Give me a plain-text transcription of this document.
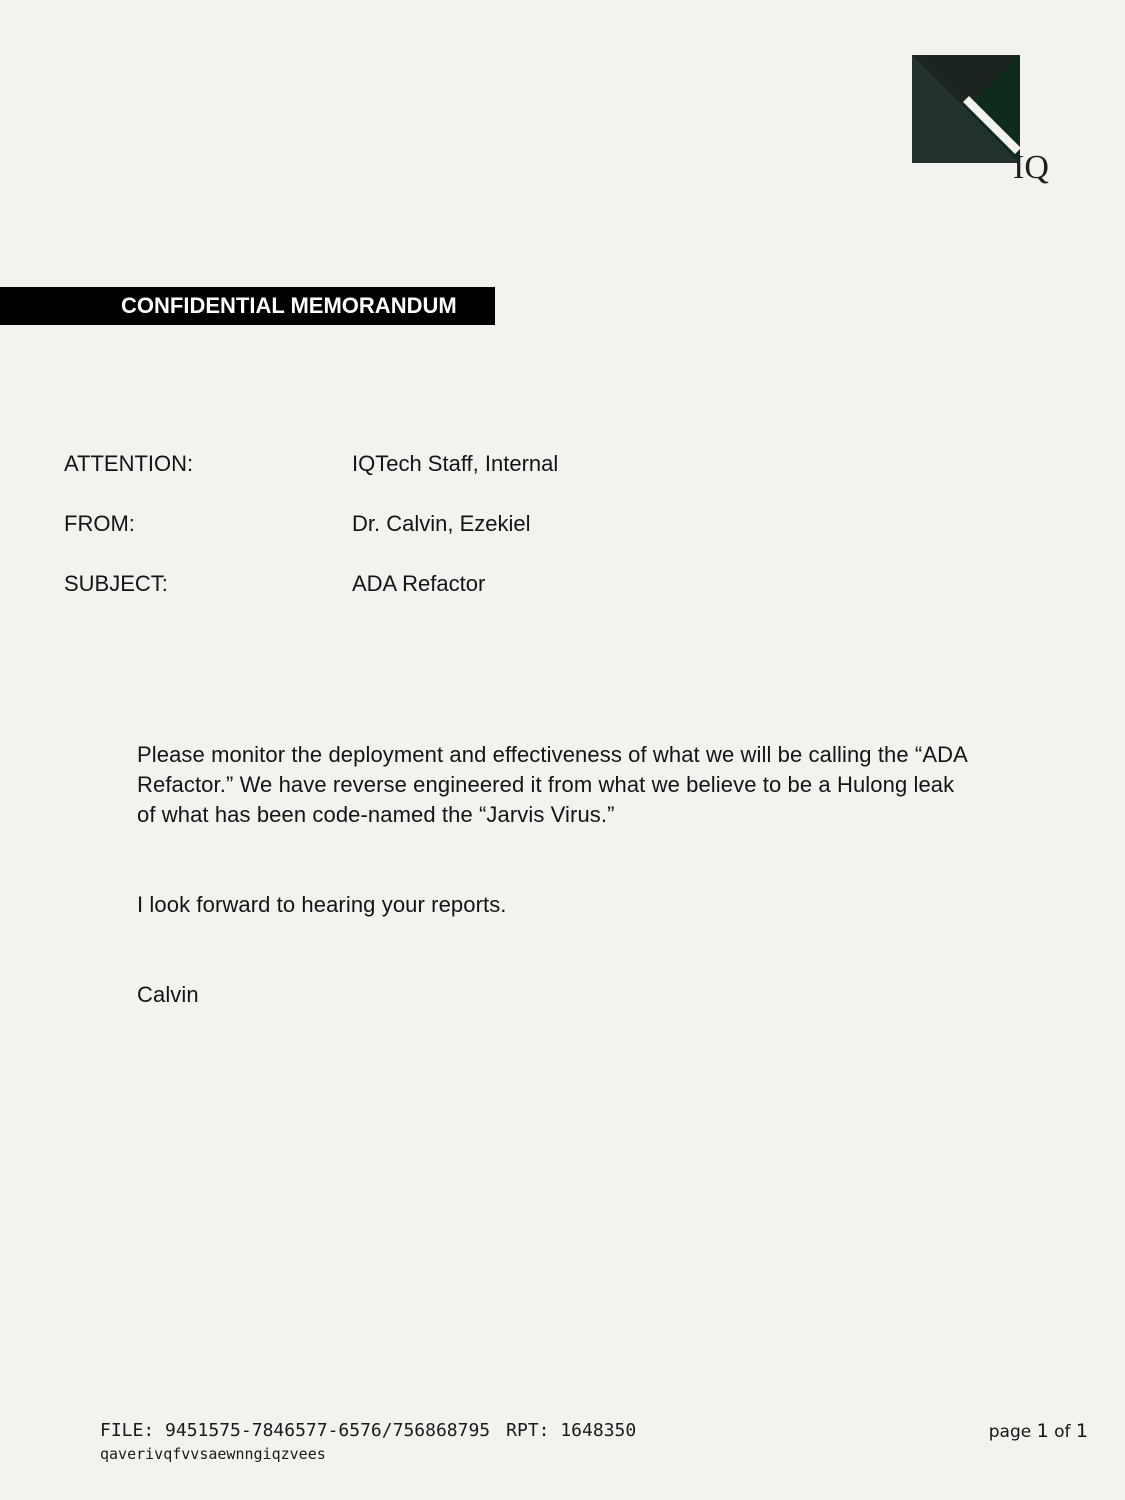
IQ
CONFIDENTIAL MEMORANDUM
ATTENTION:	IQTech Staff, Internal
FROM:	Dr. Calvin, Ezekiel
SUBJECT:	ADA Refactor
Please monitor the deployment and effectiveness of what we will be calling the “ADA Refactor.” We have reverse engineered it from what we believe to be a Hulong leak of what has been code-named the “Jarvis Virus.”
I look forward to hearing your reports.
Calvin
FILE: 9451575-7846577-6576/756868795 RPT: 1648350
qaverivqfvvsaewnngiqzvees
page 1 of 1
